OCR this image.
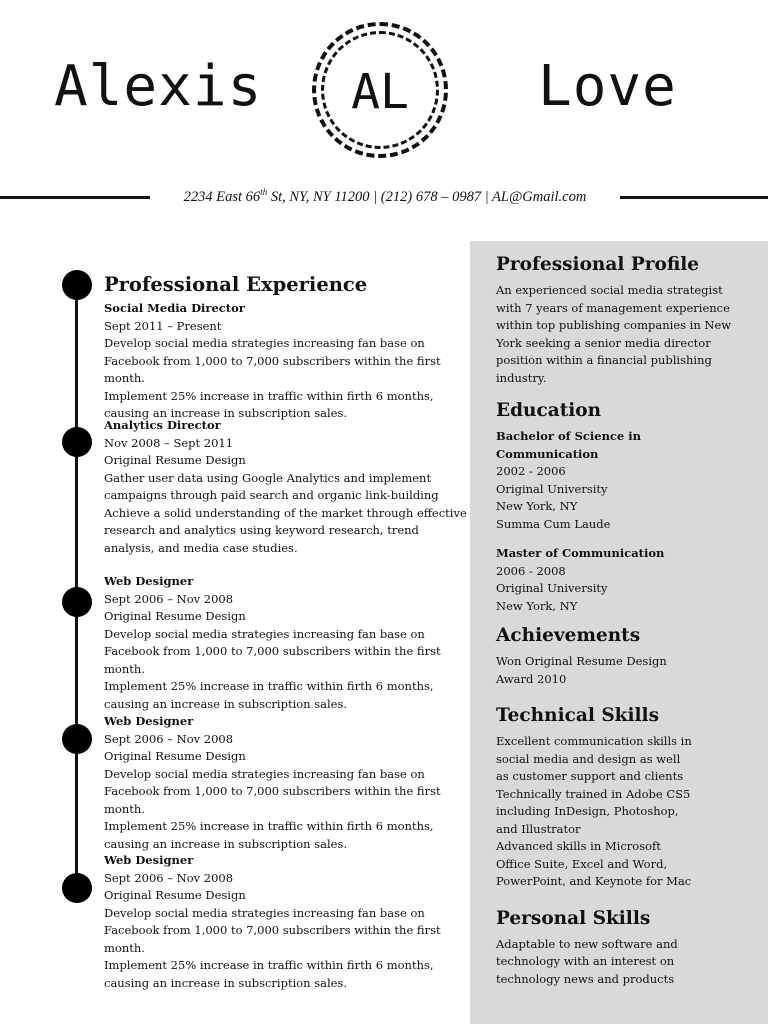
Alexis	AL	Love
2234 East 66th St, NY, NY 11200 | (212) 678 – 0987 | AL@Gmail.com
Professional Experience
Social Media Director
Sept 2011 – Present
Develop social media strategies increasing fan base on Facebook from 1,000 to 7,000 subscribers within the first month.
Implement 25% increase in traffic within firth 6 months, causing an increase in subscription sales.
Analytics Director
Nov 2008 – Sept 2011
Original Resume Design
Gather user data using Google Analytics and implement campaigns through paid search and organic link-building
Achieve a solid understanding of the market through effective research and analytics using keyword research, trend analysis, and media case studies.
Web Designer
Sept 2006 – Nov 2008
Original Resume Design
Develop social media strategies increasing fan base on Facebook from 1,000 to 7,000 subscribers within the first month.
Implement 25% increase in traffic within firth 6 months, causing an increase in subscription sales.
Web Designer
Sept 2006 – Nov 2008
Original Resume Design
Develop social media strategies increasing fan base on Facebook from 1,000 to 7,000 subscribers within the first month.
Implement 25% increase in traffic within firth 6 months, causing an increase in subscription sales.
Web Designer
Sept 2006 – Nov 2008
Original Resume Design
Develop social media strategies increasing fan base on Facebook from 1,000 to 7,000 subscribers within the first month.
Implement 25% increase in traffic within firth 6 months, causing an increase in subscription sales.
Professional Profile
An experienced social media strategist with 7 years of management experience within top publishing companies in New York seeking a senior media director position within a financial publishing industry.
Education
Bachelor of Science in Communication
2002 - 2006
Original University
New York, NY
Summa Cum Laude
Master of Communication
2006 - 2008
Original University
New York, NY
Achievements
Won Original Resume Design Award 2010
Technical Skills
Excellent communication skills in social media and design as well as customer support and clients
Technically trained in Adobe CS5 including InDesign, Photoshop, and Illustrator
Advanced skills in Microsoft Office Suite, Excel and Word, PowerPoint, and Keynote for Mac
Personal Skills
Adaptable to new software and technology with an interest on technology news and products
